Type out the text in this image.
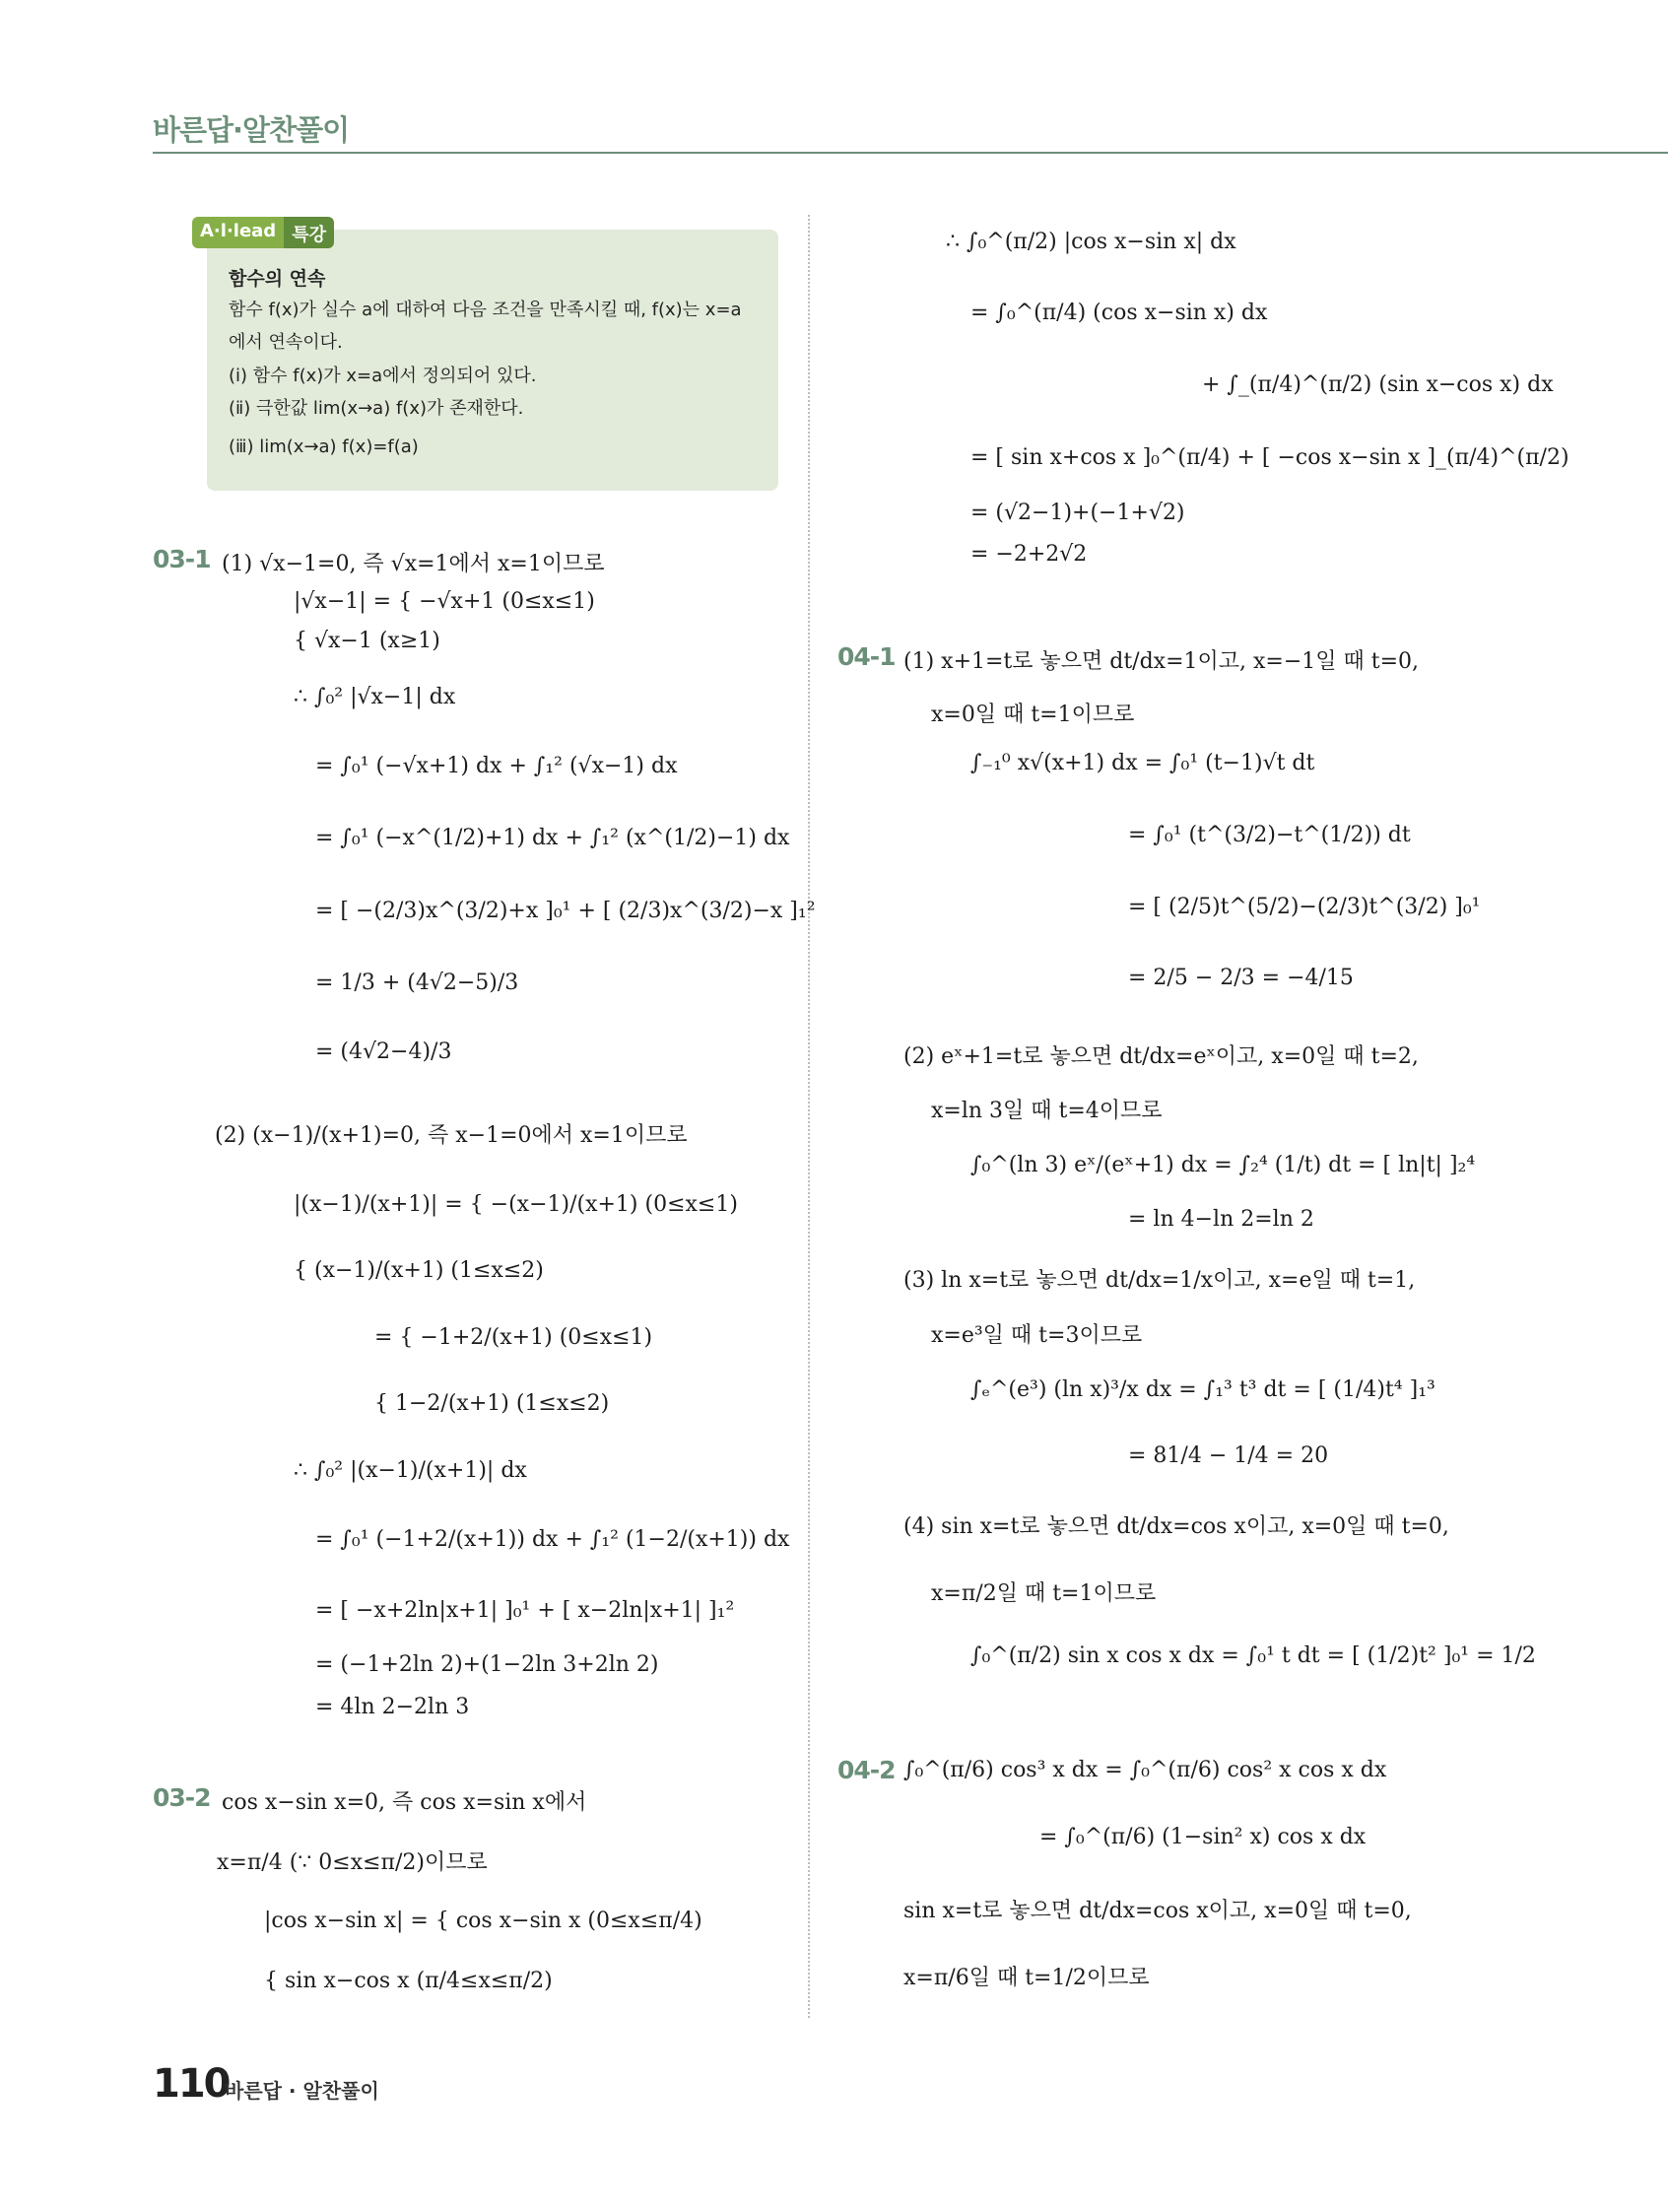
바른답·알찬풀이
A·l·lead 특강
함수의 연속
함수 f(x)가 실수 a에 대하여 다음 조건을 만족시킬 때, f(x)는 x=a
에서 연속이다.
(ⅰ) 함수 f(x)가 x=a에서 정의되어 있다.
(ⅱ) 극한값 lim(x→a) f(x)가 존재한다.
(ⅲ) lim(x→a) f(x)=f(a)
03-1 (1) √x−1=0, 즉 √x=1에서 x=1이므로
|√x−1| = { −√x+1 (0≤x≤1)
{ √x−1 (x≥1)
∴ ∫₀² |√x−1| dx
= ∫₀¹ (−√x+1) dx + ∫₁² (√x−1) dx
= ∫₀¹ (−x^(1/2)+1) dx + ∫₁² (x^(1/2)−1) dx
= [ −(2/3)x^(3/2)+x ]₀¹ + [ (2/3)x^(3/2)−x ]₁²
= 1/3 + (4√2−5)/3
= (4√2−4)/3
(2) (x−1)/(x+1)=0, 즉 x−1=0에서 x=1이므로
|(x−1)/(x+1)| = { −(x−1)/(x+1) (0≤x≤1)
{ (x−1)/(x+1) (1≤x≤2)
= { −1+2/(x+1) (0≤x≤1)
{ 1−2/(x+1) (1≤x≤2)
∴ ∫₀² |(x−1)/(x+1)| dx
= ∫₀¹ (−1+2/(x+1)) dx + ∫₁² (1−2/(x+1)) dx
= [ −x+2ln|x+1| ]₀¹ + [ x−2ln|x+1| ]₁²
= (−1+2ln 2)+(1−2ln 3+2ln 2)
= 4ln 2−2ln 3
03-2 cos x−sin x=0, 즉 cos x=sin x에서
x=π/4 (∵ 0≤x≤π/2)이므로
|cos x−sin x| = { cos x−sin x (0≤x≤π/4)
{ sin x−cos x (π/4≤x≤π/2)
∴ ∫₀^(π/2) |cos x−sin x| dx
= ∫₀^(π/4) (cos x−sin x) dx
+ ∫_(π/4)^(π/2) (sin x−cos x) dx
= [ sin x+cos x ]₀^(π/4) + [ −cos x−sin x ]_(π/4)^(π/2)
= (√2−1)+(−1+√2)
= −2+2√2
04-1 (1) x+1=t로 놓으면 dt/dx=1이고, x=−1일 때 t=0,
x=0일 때 t=1이므로
∫₋₁⁰ x√(x+1) dx = ∫₀¹ (t−1)√t dt
= ∫₀¹ (t^(3/2)−t^(1/2)) dt
= [ (2/5)t^(5/2)−(2/3)t^(3/2) ]₀¹
= 2/5 − 2/3 = −4/15
(2) eˣ+1=t로 놓으면 dt/dx=eˣ이고, x=0일 때 t=2,
x=ln 3일 때 t=4이므로
∫₀^(ln 3) eˣ/(eˣ+1) dx = ∫₂⁴ (1/t) dt = [ ln|t| ]₂⁴
= ln 4−ln 2=ln 2
(3) ln x=t로 놓으면 dt/dx=1/x이고, x=e일 때 t=1,
x=e³일 때 t=3이므로
∫ₑ^(e³) (ln x)³/x dx = ∫₁³ t³ dt = [ (1/4)t⁴ ]₁³
= 81/4 − 1/4 = 20
(4) sin x=t로 놓으면 dt/dx=cos x이고, x=0일 때 t=0,
x=π/2일 때 t=1이므로
∫₀^(π/2) sin x cos x dx = ∫₀¹ t dt = [ (1/2)t² ]₀¹ = 1/2
04-2 ∫₀^(π/6) cos³ x dx = ∫₀^(π/6) cos² x cos x dx
= ∫₀^(π/6) (1−sin² x) cos x dx
sin x=t로 놓으면 dt/dx=cos x이고, x=0일 때 t=0,
x=π/6일 때 t=1/2이므로
110
바른답 · 알찬풀이
